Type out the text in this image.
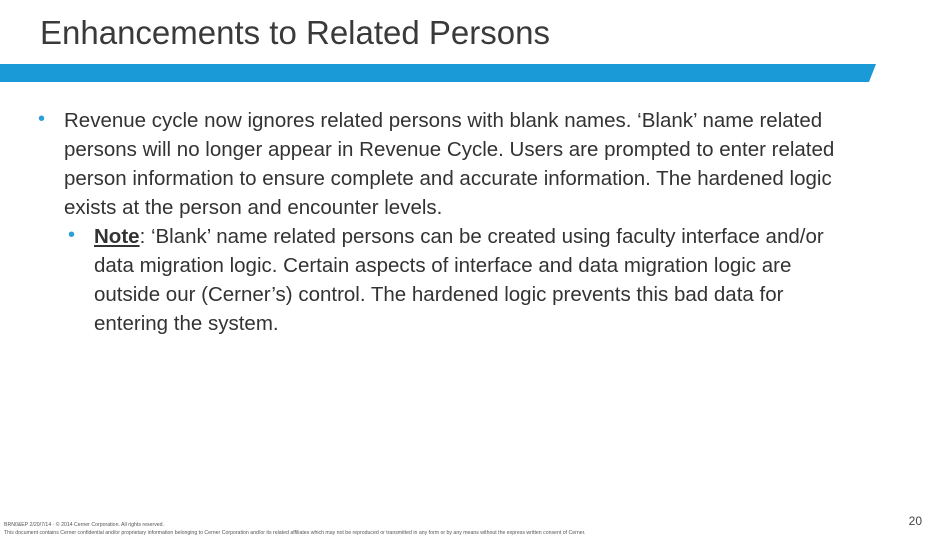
Enhancements to Related Persons
• Revenue cycle now ignores related persons with blank names. ‘Blank’ name related persons will no longer appear in Revenue Cycle. Users are prompted to enter related person information to ensure complete and accurate information. The hardened logic exists at the person and encounter levels.
• Note: ‘Blank’ name related persons can be created using faculty interface and/or data migration logic. Certain aspects of interface and data migration logic are outside our (Cerner’s) control. The hardened logic prevents this bad data for entering the system.
BRN0&EP 2/20/7/14 · © 2014 Cerner Corporation. All rights reserved.
This document contains Cerner confidential and/or proprietary information belonging to Cerner Corporation and/or its related affiliates which may not be reproduced or transmitted in any form or by any means without the express written consent of Cerner.
20
